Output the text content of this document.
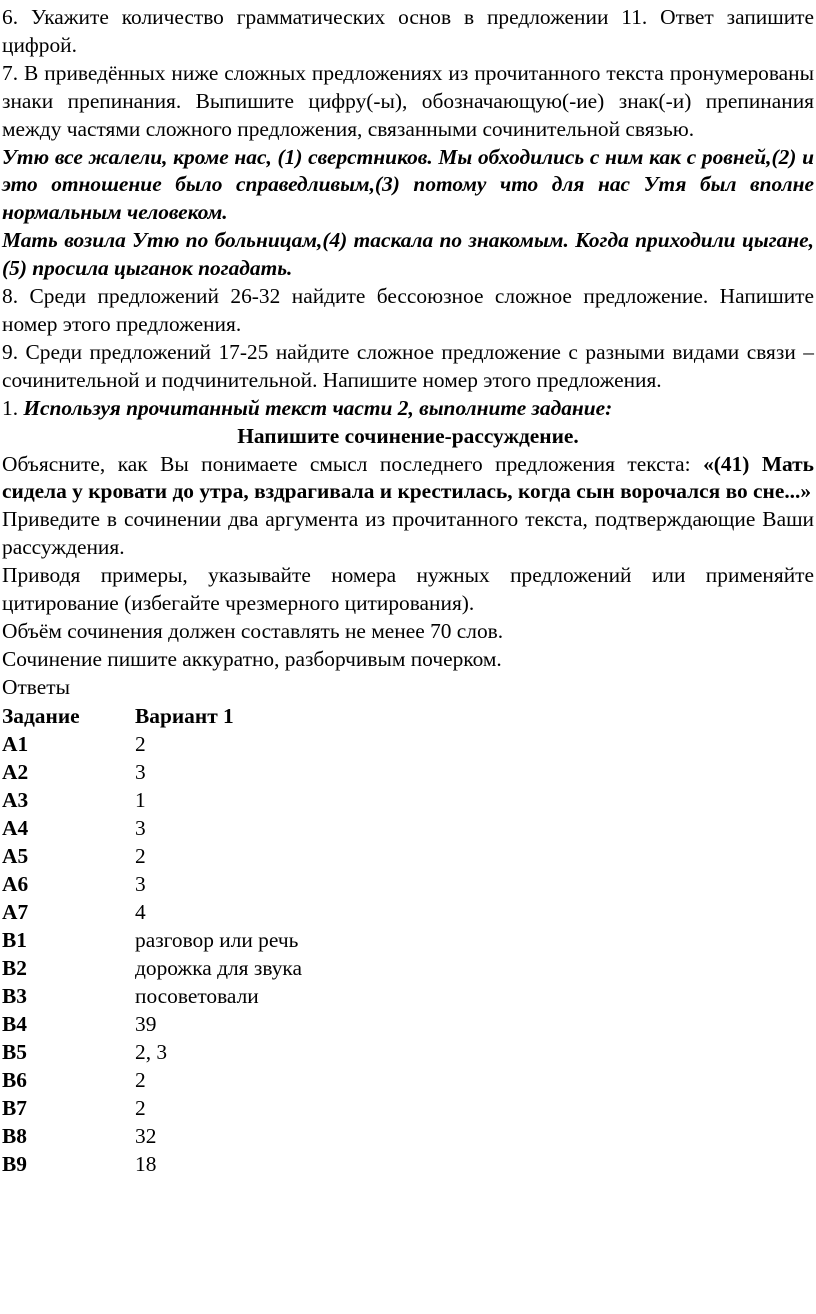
6. Укажите количество грамматических основ в предложении 11. Ответ запишите цифрой.

7. В приведённых ниже сложных предложениях из прочитанного текста пронумерованы знаки препинания. Выпишите цифру(-ы), обозначающую(-ие) знак(-и) препинания между частями сложного предложения, связанными сочинительной связью.

Утю все жалели, кроме нас, (1) сверстников. Мы обходились с ним как с ровней,(2) и это отношение было справедливым,(3) потому что для нас Утя был вполне нормальным человеком.

Мать возила Утю по больницам,(4) таскала по знакомым. Когда приходили цыгане,(5) просила цыганок погадать.

8. Среди предложений 26-32 найдите бессоюзное сложное предложение. Напишите номер этого предложения.

9. Среди предложений 17-25 найдите сложное предложение с разными видами связи – сочинительной и подчинительной. Напишите номер этого предложения.

1. Используя прочитанный текст части 2, выполните задание:

Напишите сочинение-рассуждение.

Объясните, как Вы понимаете смысл последнего предложения текста: «(41) Мать сидела у кровати до утра, вздрагивала и крестилась, когда сын ворочался во сне...»

Приведите в сочинении два аргумента из прочитанного текста, подтверждающие Ваши рассуждения.

Приводя примеры, указывайте номера нужных предложений или применяйте цитирование (избегайте чрезмерного цитирования).

Объём сочинения должен составлять не менее 70 слов.

Сочинение пишите аккуратно, разборчивым почерком.

Ответы

Задание	Вариант 1
А1	2
А2	3
А3	1
А4	3
А5	2
А6	3
А7	4
В1	разговор или речь
В2	дорожка для звука
В3	посоветовали
В4	39
В5	2, 3
В6	2
В7	2
В8	32
В9	18
